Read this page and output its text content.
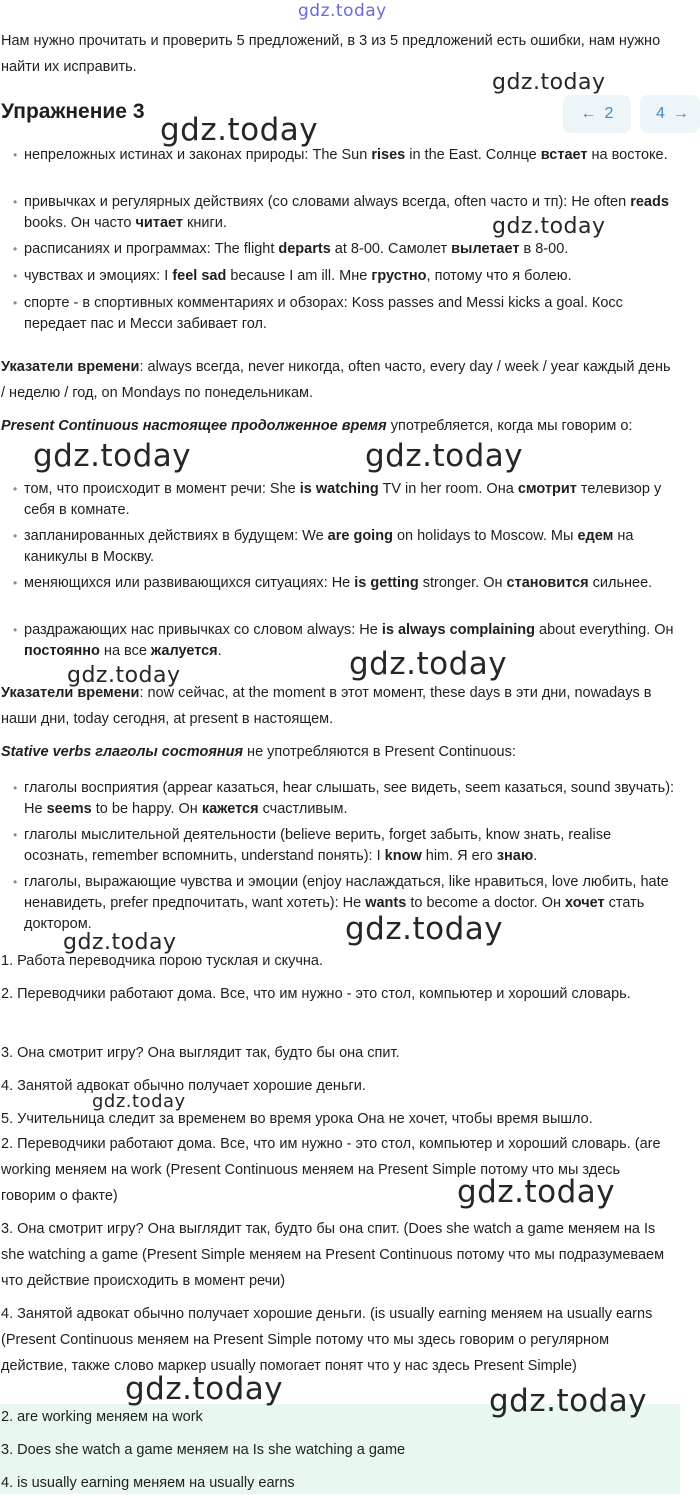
gdz.today

Нам нужно прочитать и проверить 5 предложений, в 3 из 5 предложений есть ошибки, нам нужно найти их исправить.

Упражнение 3	← 2	4 →
• непреложных истинах и законах природы: The Sun rises in the East. Солнце встает на востоке.
• привычках и регулярных действиях (со словами always всегда, often часто и тп): He often reads books. Он часто читает книги.
• расписаниях и программах: The flight departs at 8-00. Самолет вылетает в 8-00.
• чувствах и эмоциях: I feel sad because I am ill. Мне грустно, потому что я болею.
• спорте - в спортивных комментариях и обзорах: Koss passes and Messi kicks a goal. Косс передает пас и Месси забивает гол.

Указатели времени: always всегда, never никогда, often часто, every day / week / year каждый день / неделю / год, on Mondays по понедельникам.

Present Continuous настоящее продолженное время употребляется, когда мы говорим о:

• том, что происходит в момент речи: She is watching TV in her room. Она смотрит телевизор у себя в комнате.
• запланированных действиях в будущем: We are going on holidays to Moscow. Мы едем на каникулы в Москву.
• меняющихся или развивающихся ситуациях: He is getting stronger. Он становится сильнее.
• раздражающих нас привычках со словом always: He is always complaining about everything. Он постоянно на все жалуется.

Указатели времени: now сейчас, at the moment в этот момент, these days в эти дни, nowadays в наши дни, today сегодня, at present в настоящем.

Stative verbs глаголы состояния не употребляются в Present Continuous:

• глаголы восприятия (appear казаться, hear слышать, see видеть, seem казаться, sound звучать): He seems to be happy. Он кажется счастливым.
• глаголы мыслительной деятельности (believe верить, forget забыть, know знать, realise осознать, remember вспомнить, understand понять): I know him. Я его знаю.
• глаголы, выражающие чувства и эмоции (enjoy наслаждаться, like нравиться, love любить, hate ненавидеть, prefer предпочитать, want хотеть): He wants to become a doctor. Он хочет стать доктором.

1. Работа переводчика порою тусклая и скучна.

2. Переводчики работают дома. Все, что им нужно - это стол, компьютер и хороший словарь.

3. Она смотрит игру? Она выглядит так, будто бы она спит.

4. Занятой адвокат обычно получает хорошие деньги.

5. Учительница следит за временем во время урока Она не хочет, чтобы время вышло.

2. Переводчики работают дома. Все, что им нужно - это стол, компьютер и хороший словарь. (are working меняем на work (Present Continuous меняем на Present Simple потому что мы здесь говорим о факте)

3. Она смотрит игру? Она выглядит так, будто бы она спит. (Does she watch a game меняем на Is she watching a game (Present Simple меняем на Present Continuous потому что мы подразумеваем что действие происходить в момент речи)

4. Занятой адвокат обычно получает хорошие деньги. (is usually earning меняем на usually earns (Present Continuous меняем на Present Simple потому что мы здесь говорим о регулярном действие, также слово маркер usually помогает понят что у нас здесь Present Simple)

2. are working меняем на work

3. Does she watch a game меняем на Is she watching a game

4. is usually earning меняем на usually earns

gdz.today
gdz.today
gdz.today
gdz.today	gdz.today
gdz.today	gdz.today
gdz.today	gdz.today
gdz.today
gdz.today
gdz.today	gdz.today
